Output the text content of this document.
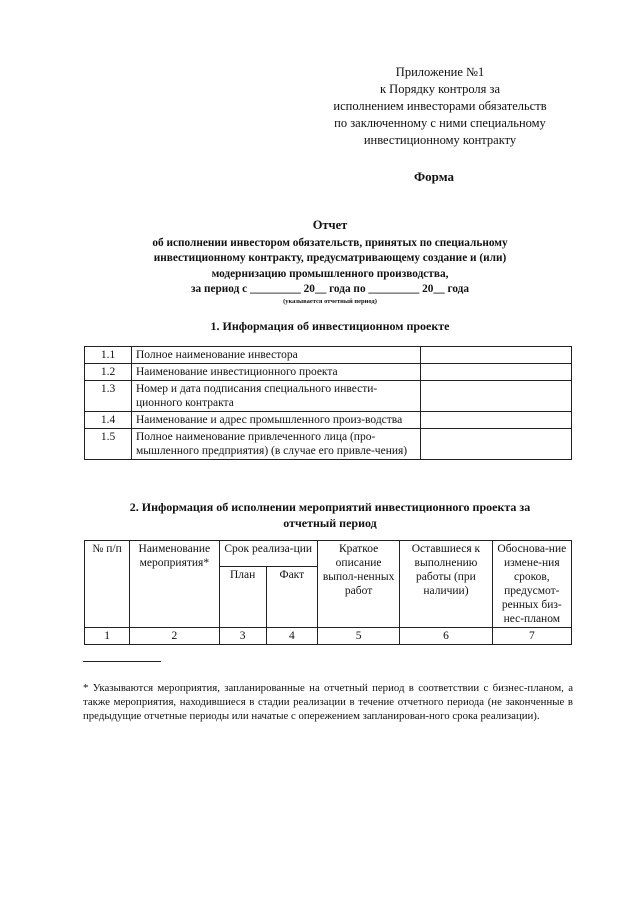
Приложение №1
к Порядку контроля за
исполнением инвесторами обязательств
по заключенному с ними специальному
инвестиционному контракту
Форма
Отчет
об исполнении инвестором обязательств, принятых по специальному
инвестиционному контракту, предусматривающему создание и (или)
модернизацию промышленного производства,
за период с _________ 20__ года по _________ 20__ года
(указывается отчетный период)
1. Информация об инвестиционном проекте
1.1	Полное наименование инвестора	
1.2	Наименование инвестиционного проекта	
1.3	Номер и дата подписания специального инвести-ционного контракта	
1.4	Наименование и адрес промышленного произ-водства	
1.5	Полное наименование привлеченного лица (про-мышленного предприятия) (в случае его привле-чения)	
2. Информация об исполнении мероприятий инвестиционного проекта за
отчетный период
№ п/п	Наименование мероприятия*	Срок реализа-ции		Краткое описание выпол-ненных работ	Оставшиеся к выполнению работы (при наличии)	Обоснова-ние измене-ния сроков, предусмот-ренных биз-нес-планом
		План	Факт			
1	2	3	4	5	6	7
* Указываются мероприятия, запланированные на отчетный период в соответствии с бизнес-планом, а также мероприятия, находившиеся в стадии реализации в течение отчетного периода (не законченные в предыдущие отчетные периоды или начатые с опережением запланирован-ного срока реализации).
